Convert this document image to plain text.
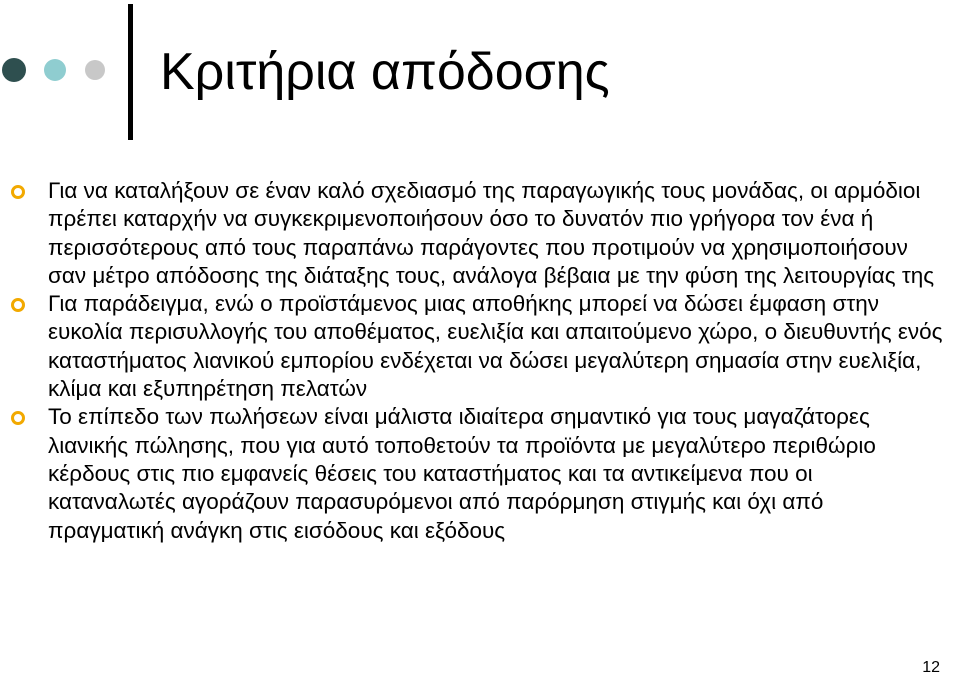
Κριτήρια απόδοσης
Για να καταλήξουν σε έναν καλό σχεδιασμό της παραγωγικής τους μονάδας, οι αρμόδιοι πρέπει καταρχήν να συγκεκριμενοποιήσουν όσο το δυνατόν πιο γρήγορα τον ένα ή περισσότερους από τους παραπάνω παράγοντες που προτιμούν να χρησιμοποιήσουν σαν μέτρο απόδοσης της διάταξης τους, ανάλογα βέβαια με την φύση της λειτουργίας της
Για παράδειγμα, ενώ ο προϊστάμενος μιας αποθήκης μπορεί να δώσει έμφαση στην ευκολία περισυλλογής του αποθέματος, ευελιξία και απαιτούμενο χώρο, ο διευθυντής ενός καταστήματος λιανικού εμπορίου ενδέχεται να δώσει μεγαλύτερη σημασία στην ευελιξία, κλίμα και εξυπηρέτηση πελατών
Το επίπεδο των πωλήσεων είναι μάλιστα ιδιαίτερα σημαντικό για τους μαγαζάτορες λιανικής πώλησης, που για αυτό τοποθετούν τα προϊόντα με μεγαλύτερο περιθώριο κέρδους στις πιο εμφανείς θέσεις του καταστήματος και τα αντικείμενα που οι καταναλωτές αγοράζουν παρασυρόμενοι από παρόρμηση στιγμής και όχι από πραγματική ανάγκη στις εισόδους και εξόδους
12
